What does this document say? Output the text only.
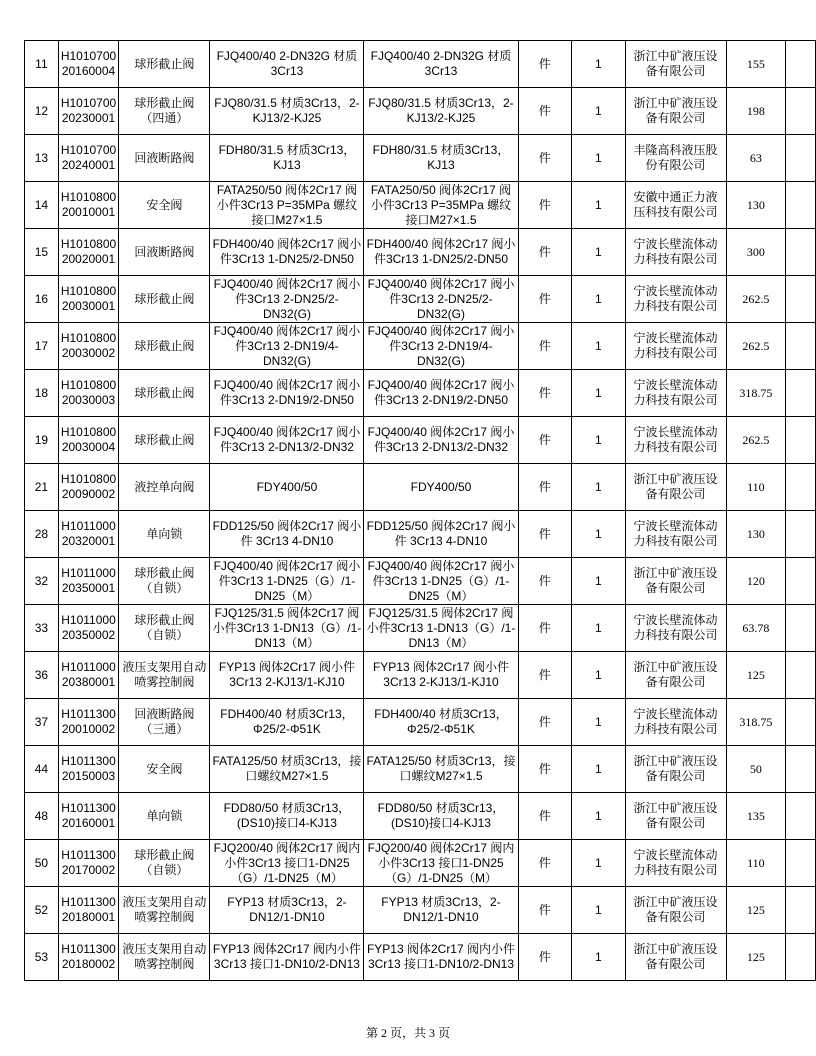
11	H1010700 20160004	球形截止阀	FJQ400/40 2-DN32G 材质3Cr13	FJQ400/40 2-DN32G 材质3Cr13	件	1	浙江中矿液压设备有限公司	155	
12	H1010700 20230001	球形截止阀 （四通）	FJQ80/31.5 材质3Cr13，2-KJ13/2-KJ25	FJQ80/31.5 材质3Cr13，2-KJ13/2-KJ25	件	1	浙江中矿液压设备有限公司	198	
13	H1010700 20240001	回液断路阀	FDH80/31.5 材质3Cr13，KJ13	FDH80/31.5 材质3Cr13，KJ13	件	1	丰隆高科液压股份有限公司	63	
14	H1010800 20010001	安全阀	FATA250/50 阀体2Cr17 阀小件3Cr13 P=35MPa 螺纹接口M27×1.5	FATA250/50 阀体2Cr17 阀小件3Cr13 P=35MPa 螺纹接口M27×1.5	件	1	安徽中通正力液压科技有限公司	130	
15	H1010800 20020001	回液断路阀	FDH400/40 阀体2Cr17 阀小件3Cr13 1-DN25/2-DN50	FDH400/40 阀体2Cr17 阀小件3Cr13 1-DN25/2-DN50	件	1	宁波长壁流体动力科技有限公司	300	
16	H1010800 20030001	球形截止阀	FJQ400/40 阀体2Cr17 阀小件3Cr13 2-DN25/2-DN32(G)	FJQ400/40 阀体2Cr17 阀小件3Cr13 2-DN25/2-DN32(G)	件	1	宁波长壁流体动力科技有限公司	262.5	
17	H1010800 20030002	球形截止阀	FJQ400/40 阀体2Cr17 阀小件3Cr13 2-DN19/4-DN32(G)	FJQ400/40 阀体2Cr17 阀小件3Cr13 2-DN19/4-DN32(G)	件	1	宁波长壁流体动力科技有限公司	262.5	
18	H1010800 20030003	球形截止阀	FJQ400/40 阀体2Cr17 阀小件3Cr13 2-DN19/2-DN50	FJQ400/40 阀体2Cr17 阀小件3Cr13 2-DN19/2-DN50	件	1	宁波长壁流体动力科技有限公司	318.75	
19	H1010800 20030004	球形截止阀	FJQ400/40 阀体2Cr17 阀小件3Cr13 2-DN13/2-DN32	FJQ400/40 阀体2Cr17 阀小件3Cr13 2-DN13/2-DN32	件	1	宁波长壁流体动力科技有限公司	262.5	
21	H1010800 20090002	液控单向阀	FDY400/50	FDY400/50	件	1	浙江中矿液压设备有限公司	110	
28	H1011000 20320001	单向锁	FDD125/50 阀体2Cr17 阀小件 3Cr13 4-DN10	FDD125/50 阀体2Cr17 阀小件 3Cr13 4-DN10	件	1	宁波长壁流体动力科技有限公司	130	
32	H1011000 20350001	球形截止阀 （自锁）	FJQ400/40 阀体2Cr17 阀小件3Cr13 1-DN25（G）/1-DN25（M）	FJQ400/40 阀体2Cr17 阀小件3Cr13 1-DN25（G）/1-DN25（M）	件	1	浙江中矿液压设备有限公司	120	
33	H1011000 20350002	球形截止阀 （自锁）	FJQ125/31.5 阀体2Cr17 阀小件3Cr13 1-DN13（G）/1-DN13（M）	FJQ125/31.5 阀体2Cr17 阀小件3Cr13 1-DN13（G）/1-DN13（M）	件	1	宁波长壁流体动力科技有限公司	63.78	
36	H1011000 20380001	液压支架用自动喷雾控制阀	FYP13 阀体2Cr17 阀小件3Cr13 2-KJ13/1-KJ10	FYP13 阀体2Cr17 阀小件3Cr13 2-KJ13/1-KJ10	件	1	浙江中矿液压设备有限公司	125	
37	H1011300 20010002	回液断路阀 （三通）	FDH400/40 材质3Cr13，Φ25/2-Φ51K	FDH400/40 材质3Cr13，Φ25/2-Φ51K	件	1	宁波长壁流体动力科技有限公司	318.75	
44	H1011300 20150003	安全阀	FATA125/50 材质3Cr13，接口螺纹M27×1.5	FATA125/50 材质3Cr13，接口螺纹M27×1.5	件	1	浙江中矿液压设备有限公司	50	
48	H1011300 20160001	单向锁	FDD80/50 材质3Cr13，(DS10)接口4-KJ13	FDD80/50 材质3Cr13，(DS10)接口4-KJ13	件	1	浙江中矿液压设备有限公司	135	
50	H1011300 20170002	球形截止阀 （自锁）	FJQ200/40 阀体2Cr17 阀内小件3Cr13 接口1-DN25（G）/1-DN25（M）	FJQ200/40 阀体2Cr17 阀内小件3Cr13 接口1-DN25（G）/1-DN25（M）	件	1	宁波长壁流体动力科技有限公司	110	
52	H1011300 20180001	液压支架用自动喷雾控制阀	FYP13 材质3Cr13，2-DN12/1-DN10	FYP13 材质3Cr13，2-DN12/1-DN10	件	1	浙江中矿液压设备有限公司	125	
53	H1011300 20180002	液压支架用自动喷雾控制阀	FYP13 阀体2Cr17 阀内小件3Cr13 接口1-DN10/2-DN13	FYP13 阀体2Cr17 阀内小件3Cr13 接口1-DN10/2-DN13	件	1	浙江中矿液压设备有限公司	125	
第 2 页，共 3 页
